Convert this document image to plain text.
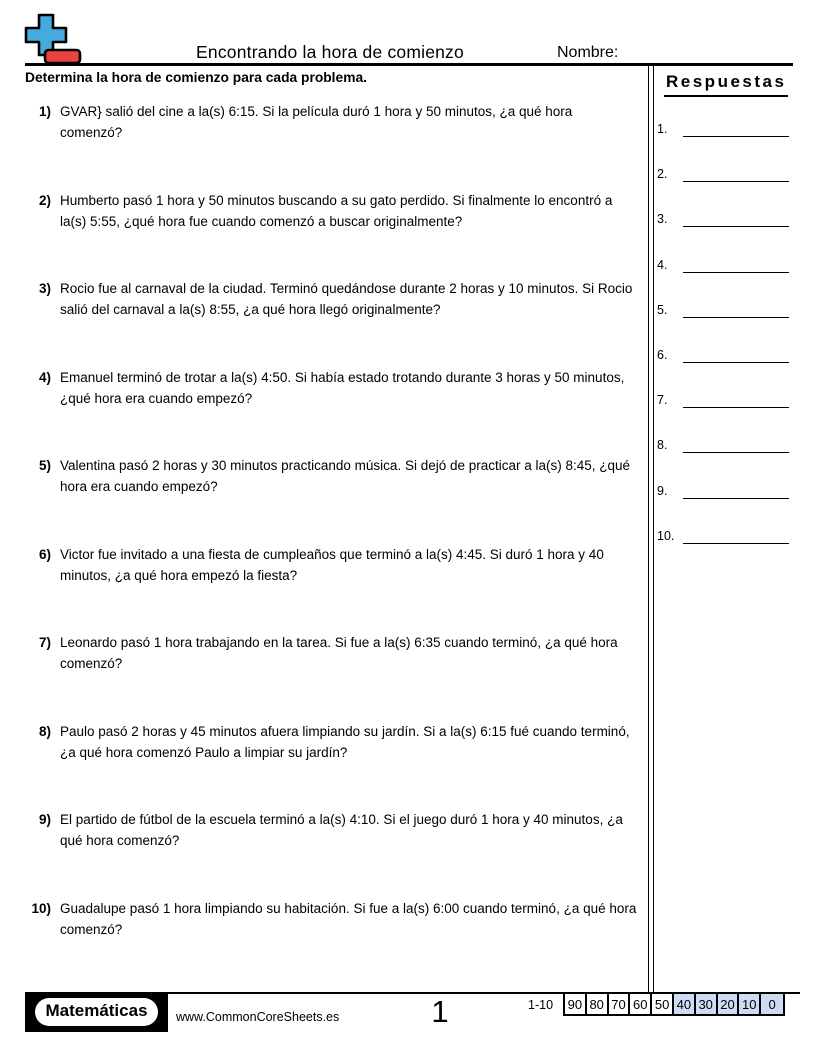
Encontrando la hora de comienzo	Nombre:
Determina la hora de comienzo para cada problema.
1) GVAR} salió del cine a la(s) 6:15. Si la película duró 1 hora y 50 minutos, ¿a qué hora comenzó?
2) Humberto pasó 1 hora y 50 minutos buscando a su gato perdido. Si finalmente lo encontró a la(s) 5:55, ¿qué hora fue cuando comenzó a buscar originalmente?
3) Rocio fue al carnaval de la ciudad. Terminó quedándose durante 2 horas y 10 minutos. Si Rocio salió del carnaval a la(s) 8:55, ¿a qué hora llegó originalmente?
4) Emanuel terminó de trotar a la(s) 4:50. Si había estado trotando durante 3 horas y 50 minutos, ¿qué hora era cuando empezó?
5) Valentina pasó 2 horas y 30 minutos practicando música. Si dejó de practicar a la(s) 8:45, ¿qué hora era cuando empezó?
6) Victor fue invitado a una fiesta de cumpleaños que terminó a la(s) 4:45. Si duró 1 hora y 40 minutos, ¿a qué hora empezó la fiesta?
7) Leonardo pasó 1 hora trabajando en la tarea. Si fue a la(s) 6:35 cuando terminó, ¿a qué hora comenzó?
8) Paulo pasó 2 horas y 45 minutos afuera limpiando su jardín. Si a la(s) 6:15 fué cuando terminó, ¿a qué hora comenzó Paulo a limpiar su jardín?
9) El partido de fútbol de la escuela terminó a la(s) 4:10. Si el juego duró 1 hora y 40 minutos, ¿a qué hora comenzó?
10) Guadalupe pasó 1 hora limpiando su habitación. Si fue a la(s) 6:00 cuando terminó, ¿a qué hora comenzó?
Respuestas
1.
2.
3.
4.
5.
6.
7.
8.
9.
10.
Matemáticas	www.CommonCoreSheets.es	1	1-10 90 80 70 60 50 40 30 20 10 0
